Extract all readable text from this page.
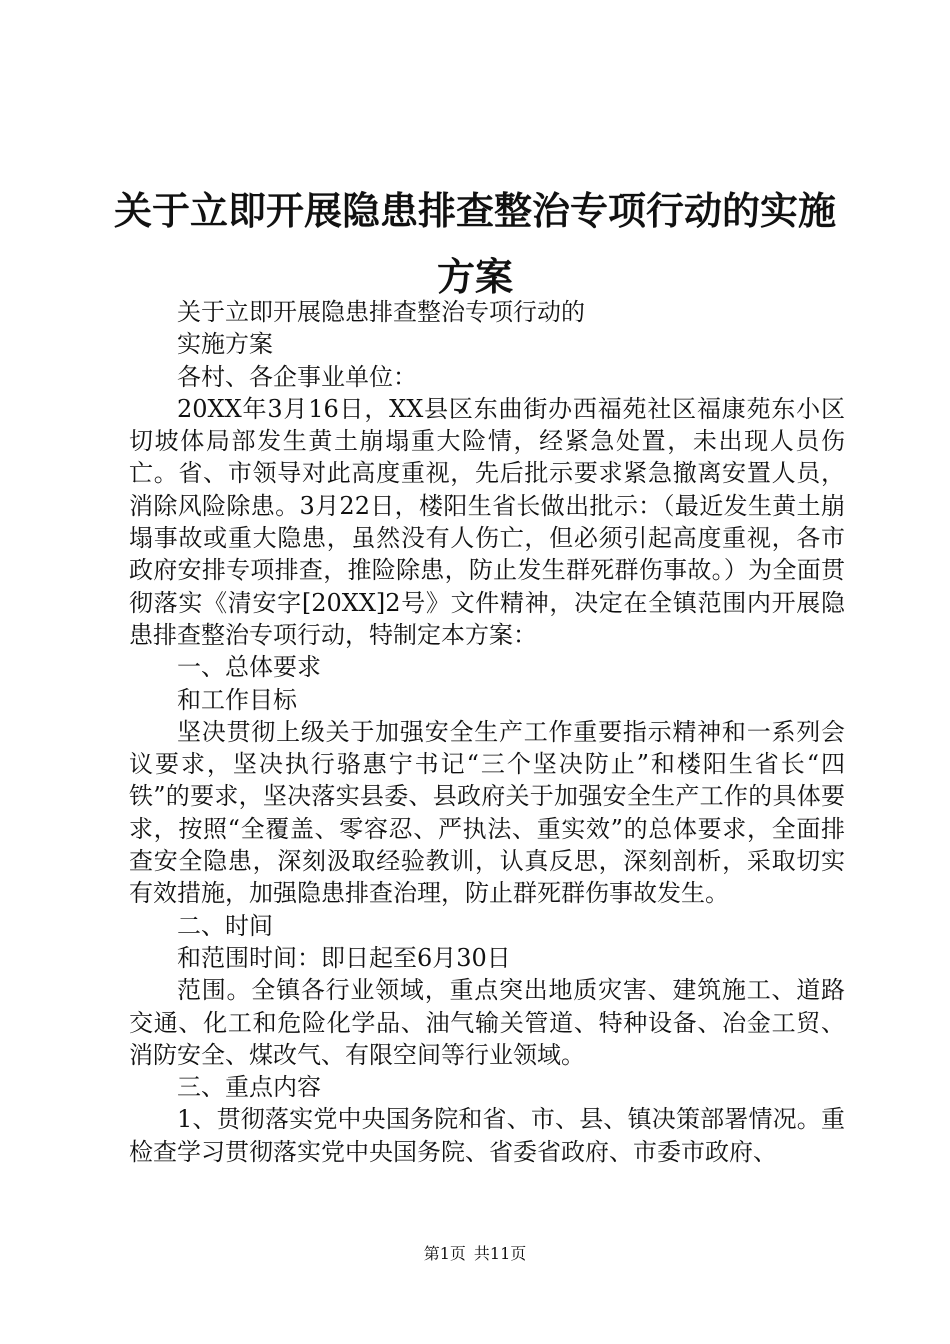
关于立即开展隐患排查整治专项行动的实施方案

关于立即开展隐患排查整治专项行动的

实施方案

各村、各企事业单位：

20XX年3月16日，XX县区东曲街办西福苑社区福康苑东小区切坡体局部发生黄土崩塌重大险情，经紧急处置，未出现人员伤亡。省、市领导对此高度重视，先后批示要求紧急撤离安置人员，消除风险除患。3月22日，楼阳生省长做出批示：（最近发生黄土崩塌事故或重大隐患，虽然没有人伤亡，但必须引起高度重视，各市政府安排专项排查，推险除患，防止发生群死群伤事故。）为全面贯彻落实《清安字[20XX]2号》文件精神，决定在全镇范围内开展隐患排查整治专项行动，特制定本方案：

一、总体要求

和工作目标

坚决贯彻上级关于加强安全生产工作重要指示精神和一系列会议要求，坚决执行骆惠宁书记“三个坚决防止”和楼阳生省长“四铁”的要求，坚决落实县委、县政府关于加强安全生产工作的具体要求，按照“全覆盖、零容忍、严执法、重实效”的总体要求，全面排查安全隐患，深刻汲取经验教训，认真反思，深刻剖析，采取切实有效措施，加强隐患排查治理，防止群死群伤事故发生。

二、时间

和范围时间：即日起至6月30日

范围。全镇各行业领域，重点突出地质灾害、建筑施工、道路交通、化工和危险化学品、油气输关管道、特种设备、冶金工贸、消防安全、煤改气、有限空间等行业领域。

三、重点内容

1、贯彻落实党中央国务院和省、市、县、镇决策部署情况。重检查学习贯彻落实党中央国务院、省委省政府、市委市政府、

第1页 共11页
